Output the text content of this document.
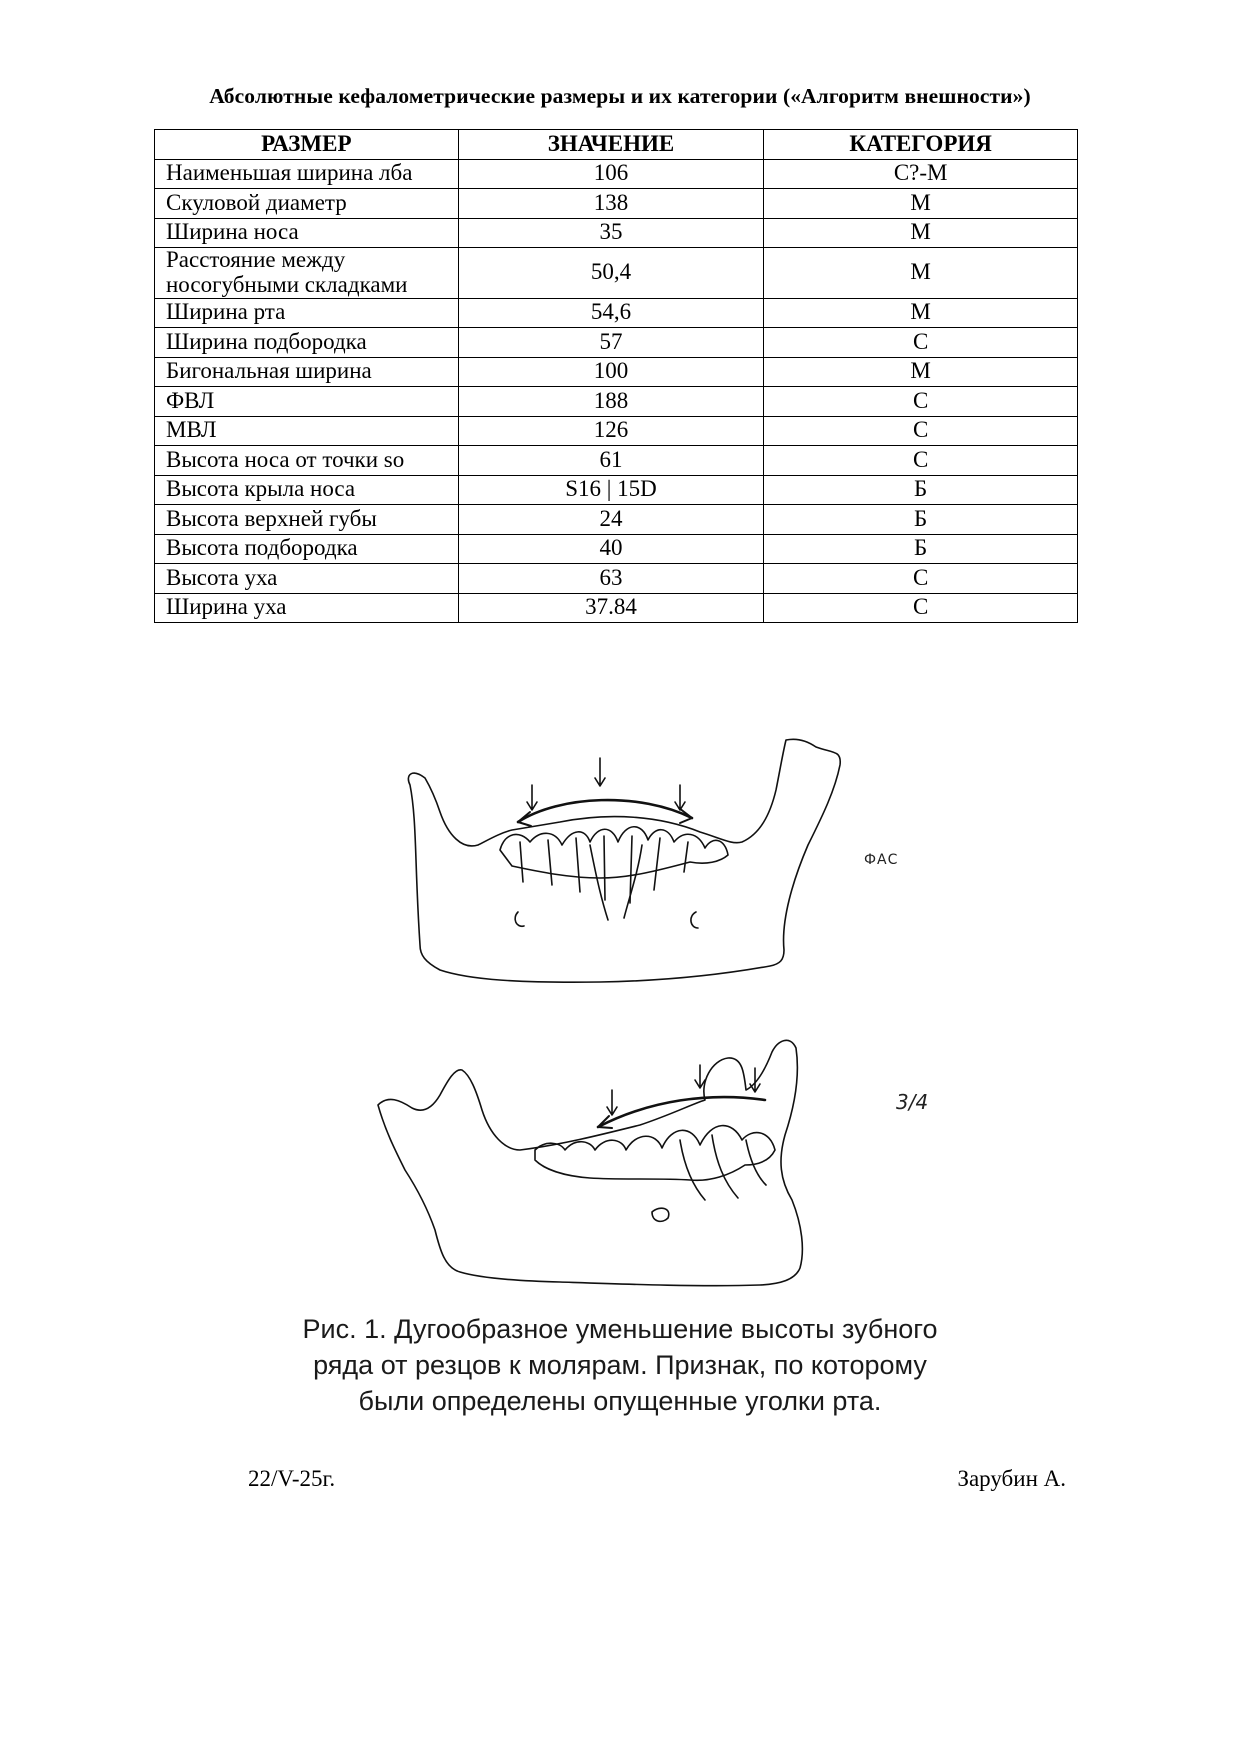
Абсолютные кефалометрические размеры и их категории («Алгоритм внешности»)
РАЗМЕР	ЗНАЧЕНИЕ	КАТЕГОРИЯ
Наименьшая ширина лба	106	С?-М
Скуловой диаметр	138	М
Ширина носа	35	М
Расстояние между
носогубными складками	50,4	М
Ширина рта	54,6	М
Ширина подбородка	57	С
Бигональная ширина	100	М
ФВЛ	188	С
МВЛ	126	С
Высота носа от точки so	61	С
Высота крыла носа	S16 | 15D	Б
Высота верхней губы	24	Б
Высота подбородка	40	Б
Высота уха	63	С
Ширина уха	37.84	С
ФАС
3/4
Рис. 1. Дугообразное уменьшение высоты зубного
ряда от резцов к молярам. Признак, по которому
были определены опущенные уголки рта.
22/V-25г.	Зарубин А.
